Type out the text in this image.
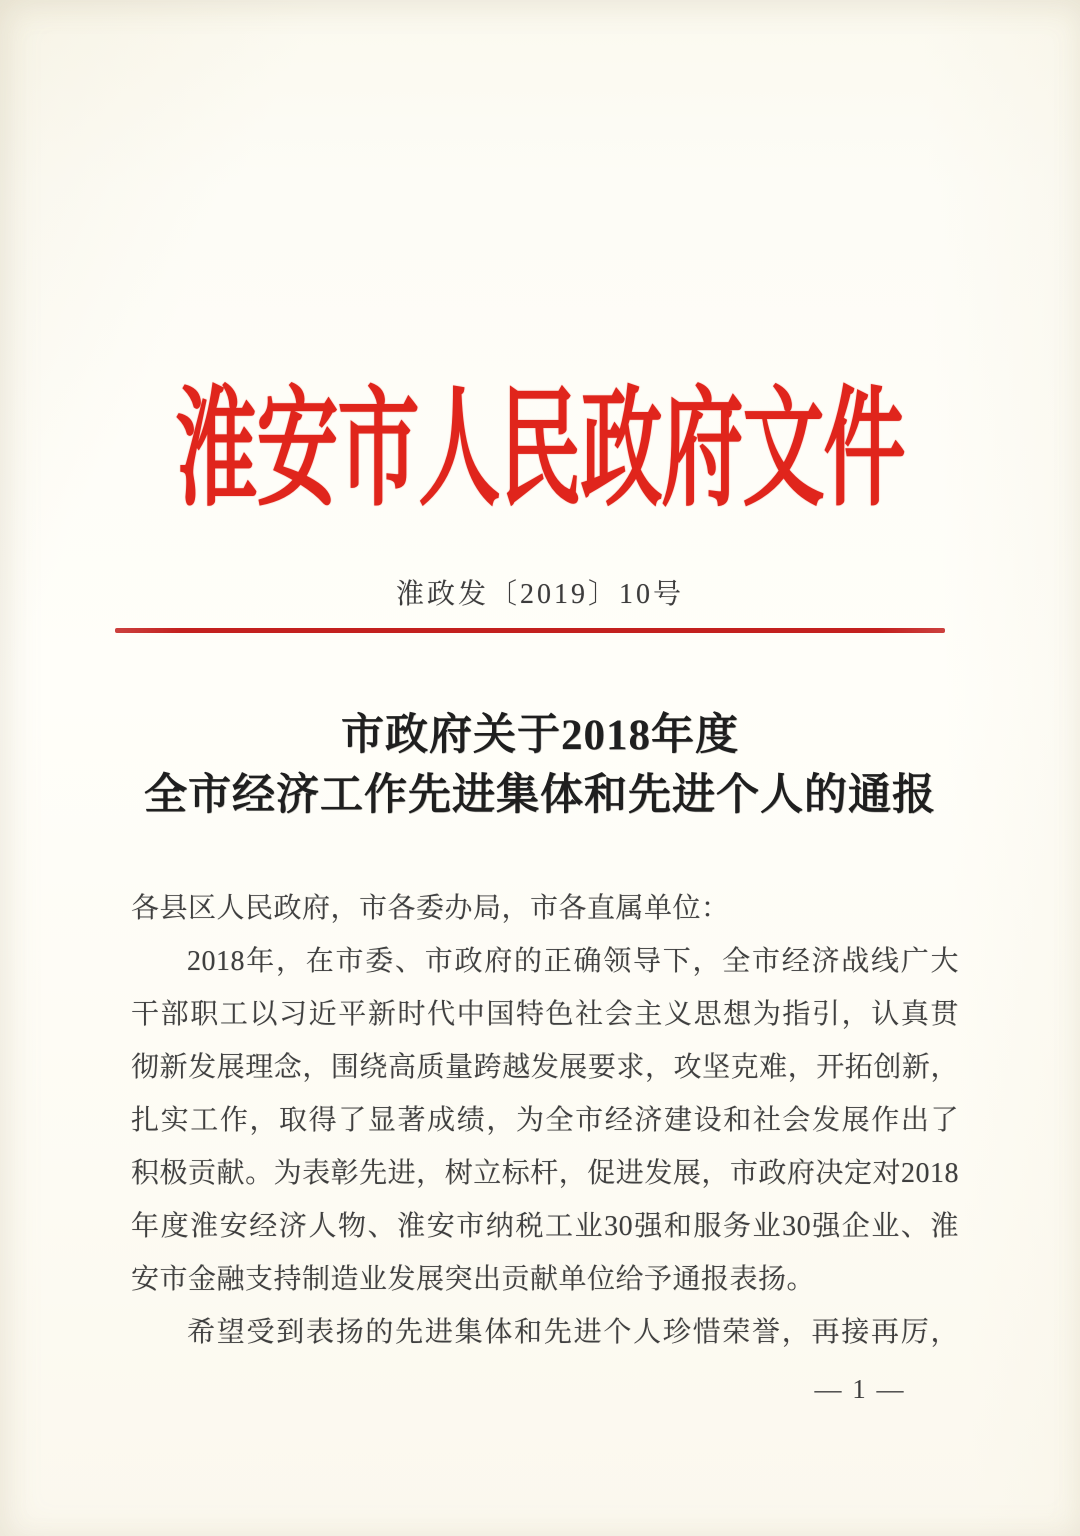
淮安市人民政府文件
淮政发〔2019〕10号
市政府关于2018年度
全市经济工作先进集体和先进个人的通报
各县区人民政府，市各委办局，市各直属单位：
2018年，在市委、市政府的正确领导下，全市经济战线广大
干部职工以习近平新时代中国特色社会主义思想为指引，认真贯
彻新发展理念，围绕高质量跨越发展要求，攻坚克难，开拓创新，
扎实工作，取得了显著成绩，为全市经济建设和社会发展作出了
积极贡献。为表彰先进，树立标杆，促进发展，市政府决定对2018
年度淮安经济人物、淮安市纳税工业30强和服务业30强企业、淮
安市金融支持制造业发展突出贡献单位给予通报表扬。
希望受到表扬的先进集体和先进个人珍惜荣誉，再接再厉，
— 1 —
